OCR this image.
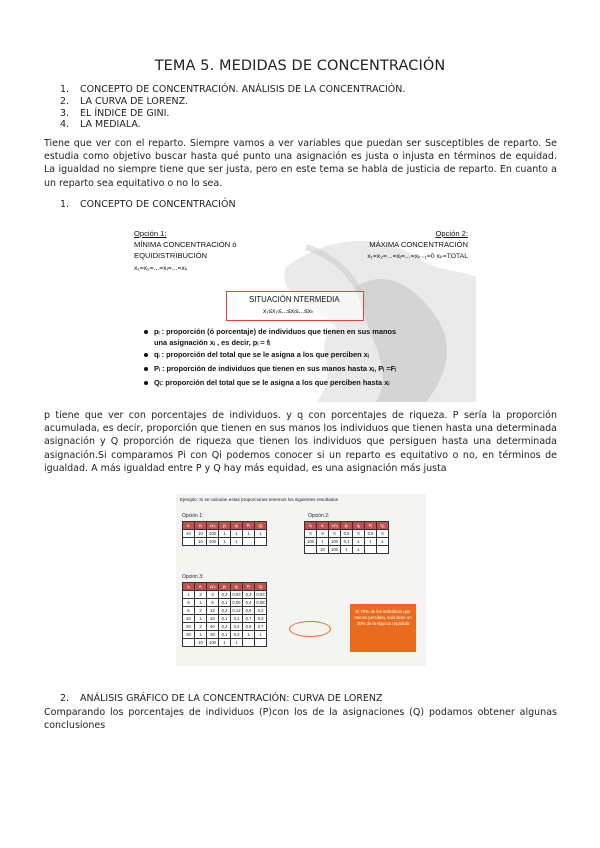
TEMA 5. MEDIDAS DE CONCENTRACIÓN
1. CONCEPTO DE CONCENTRACIÓN. ANÁLISIS DE LA CONCENTRACIÓN.
2. LA CURVA DE LORENZ.
3. EL ÍNDICE DE GINI.
4. LA MEDIALA.

Tiene que ver con el reparto. Siempre vamos a ver variables que puedan ser susceptibles de reparto. Se estudia como objetivo buscar hasta qué punto una asignación es justa o injusta en términos de equidad. La igualdad no siempre tiene que ser justa, pero en este tema se habla de justicia de reparto. En cuanto a un reparto sea equitativo o no lo sea.

1. CONCEPTO DE CONCENTRACIÓN
Opción 1:
MÍNIMA CONCENTRACIÓN ó
EQUIDISTRIBUCIÓN
x₁=x₂=...=xᵢ=...=xₖ
Opción 2:
MÁXIMA CONCENTRACIÓN
x₁=x₂=...=xᵢ=...=xₖ₋₁=0 xₖ=TOTAL
SITUACIÓN NTERMEDIA
x₁≤x₂≤...≤xᵢ≤...≤xₖ
pᵢ : proporción (ó porcentaje) de individuos que tienen en sus manos
una asignación xᵢ , es decir, pᵢ = fᵢ
qᵢ : proporción del total que se le asigna a los que perciben xᵢ
Pᵢ : proporción de individuos que tienen en sus manos hasta xᵢ, Pᵢ =Fᵢ
Qᵢ: proporción del total que se le asigna a los que perciben hasta xᵢ

p tiene que ver con porcentajes de individuos. y q con porcentajes de riqueza. P sería la proporción acumulada, es decir, proporción que tienen en sus manos los individuos que tienen hasta una determinada asignación y Q proporción de riqueza que tienen los individuos que persiguen hasta una determinada asignación.Si comparamos Pi con Qi podemos conocer si un reparto es equitativo o no, en términos de igualdad. A más igualdad entre P y Q hay más equidad, es una asignación más justa

Ejemplo: Si se calculan estas proporciones tenemos los siguientes resultados
Opción 1:
xᵢ	nᵢ	xᵢnᵢ	pᵢ	qᵢ	Pᵢ	Qᵢ
10	10	100	1	1	1	1
	10	100	1	1		
Opción 2:
xᵢ	nᵢ	xᵢnᵢ	pᵢ	qᵢ	Pᵢ	Qᵢ
0	9	0	0,9	0	0,9	0
100	1	100	0,1	1	1	1
	10	100	1	1		
Opción 3:
xᵢ	nᵢ	xᵢnᵢ	pᵢ	qᵢ	Pᵢ	Qᵢ
1	3	3	0,3	0,03	0,3	0,03
5	1	5	0,1	0,05	0,4	0,08
6	2	12	0,2	0,12	0,6	0,2
10	1	10	0,1	0,1	0,7	0,3
20	2	40	0,2	0,4	0,9	0,7
30	1	30	0,1	0,3	1	1
	10	100	1	1		
El 70% de los individuos que menos perciben, sólo tiene un 30% de la riqueza repartida
2. ANÁLISIS GRÁFICO DE LA CONCENTRACIÓN: CURVA DE LORENZ

Comparando los porcentajes de individuos (P)con los de la asignaciones (Q) podamos obtener algunas conclusiones
